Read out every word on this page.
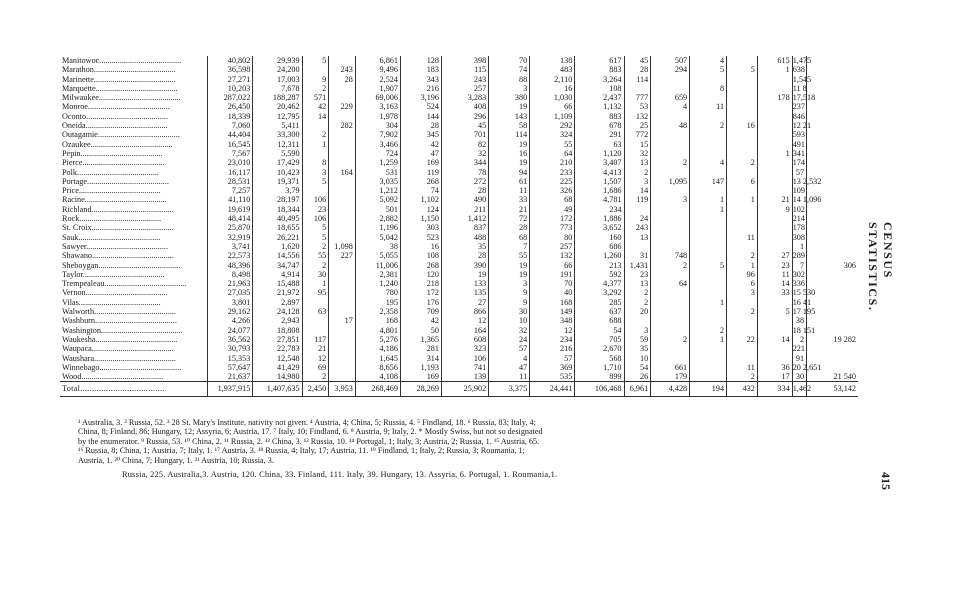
Manitowoc........................................	40,802	29,939	5		6,861	128	398	70	138	617	45	507	4		615	1,475	
Marathon........................................	36,598	24,200		243	9,496	183	115	74	483	883	28	294	5	5	1	638	
Marinette........................................	27,271	17,003	9	28	2,524	343	243	88	2,110	3,264	114					1,545	
Marquette........................................	10,203	7,678	2		1,907	216	257	3	16	108			8			11 8	
Milwaukee........................................	287,022	188,287	571		69,006	3,196	3,283	380	1,030	2,437	777	659			178	17,518	
Monroe........................................	26,450	20,462	42	229	3,163	524	408	19	66	1,132	53	4	11			237	
Oconto........................................	18,339	12,795	14		1,978	144	296	143	1,109	883	132					846	
Oneida........................................	7,060	5,411		282	304	28	45	58	292	678	25	48	2	16		12 21	
Outagamie........................................	44,404	33,300	2		7,902	345	701	114	324	291	772					593	
Ozaukee........................................	16,545	12,311	1		3,466	42	82	19	55	63	15					491	
Pepin........................................	7,567	5,590			724	47	32	16	64	1,120	32				1	341	
Pierce........................................	23,010	17,429	8		1,259	169	344	19	210	3,407	13	2	4	2		174	
Polk........................................	16,117	10,423	3	164	531	119	78	94	233	4,413	2					57	
Portage........................................	28,531	19,371	5		3,035	268	272	61	225	1,507	3	1,095	147	6		13 2,532	
Price........................................	7,257	3,79			1,212	74	28	11	326	1,686	14					109	
Racine........................................	41,110	28,197	106		5,092	1,102	490	33	68	4,781	119	3	1	1	21	14 1,096	
Richland........................................	19,619	18,344	23		501	124	211	21	49	234			1		9	102	
Rock........................................	48,414	40,495	106		2,882	1,150	1,412	72	172	1,886	24					214	
St. Croix........................................	25,870	18,655	5		1,196	303	837	28	773	3,652	243					178	
Sauk........................................	32,919	26,221	5		5,042	523	488	68	80	160	13			11		308	
Sawyer........................................	3,741	1,620	2	1,098	38	16	35	7	257	686						1	
Shawano........................................	22,573	14,556	55	227	5,055	108	28	55	132	1,260	31	748		2	27	289	
Sheboygan........................................	48,396	34,747	2		11,006	268	390	19	66	213	1,431	2	5	1	23	7	306
Taylor........................................	8,498	4,914	30		2,381	120	19	19	191	592	23			96	11	302	
Trempealeau........................................	21,963	15,488	1		1,240	218	133	3	70	4,377	13	64		6	14	336	
Vernon........................................	27,035	21,972	95		780	172	135	9	40	3,292	2			3	33	15 530	
Vilas........................................	3,801	2,897			195	176	27	9	168	285	2		1			16 41	
Walworth........................................	29,162	24,128	63		2,358	709	866	30	149	637	20			2	5	17 195	
Washburn........................................	4,266	2,943		17	168	42	12	10	348	688						38	
Washington........................................	24,077	18,808			4,801	50	164	32	12	54	3		2			18 151	
Waukesha........................................	36,562	27,851	117		5,276	1,365	608	24	234	705	59	2	1	22	14	2	19 282
Waupaca........................................	30,793	22,783	21		4,186	281	323	57	216	2,670	35					221	
Waushara........................................	15,353	12,548	12		1,645	314	106	4	57	568	10					91	
Winnebago........................................	57,647	41,429	69		8,656	1,193	741	47	369	1,710	54	661		11	36	20 2,651	
Wood........................................	21,637	14,980	2		4,108	169	139	11	535	899	26	179		2	17	30	21 540
Total....................................	1,937,915	1,407,635	2,450	3,953	268,469	28,269	25,902	3,375	24,441	106,468	6,961	4,428	194	432	334	1,462	53,142

¹ Australia, 3. ² Russia, 52. ³ 28 St. Mary's Institute, nativity not given. ⁴ Austria, 4; China, 5; Russia, 4. ⁵ Findland, 18. ⁶ Russia, 83; Italy, 4;

China, 8; Finland, 86; Hungary, 12; Assyria, 6; Austria, 17. ⁷ Italy, 10; Findland, 6. ⁸ Austria, 9; Italy, 2. * Mostly Swiss, but not so designated

by the enumerator. ⁹ Russia, 53. ¹⁰ China, 2. ¹¹ Russia, 2. ¹² China, 3. ¹³ Russia, 10. ¹⁴ Portugal, 1; Italy, 3; Austria, 2; Russia, 1. ¹⁵ Austria, 65.

¹⁶ Russia, 8; China, 1; Austria, 7; Italy, 1. ¹⁷ Austria, 3. ¹⁸ Russia, 4; Italy, 17; Austria, 11. ¹⁹ Findland, 1; Italy, 2; Russia, 3; Roumania, 1;

Austria, 1. ²⁰ China, 7; Hungary, 1. ²¹ Austria, 10; Russia, 3.

Russia, 225. Australia,3. Austria, 120. China, 33. Finland, 111. Italy, 39. Hungary, 13. Assyria, 6. Portugal, 1. Roumania,1.
CENSUS STATISTICS.
415
